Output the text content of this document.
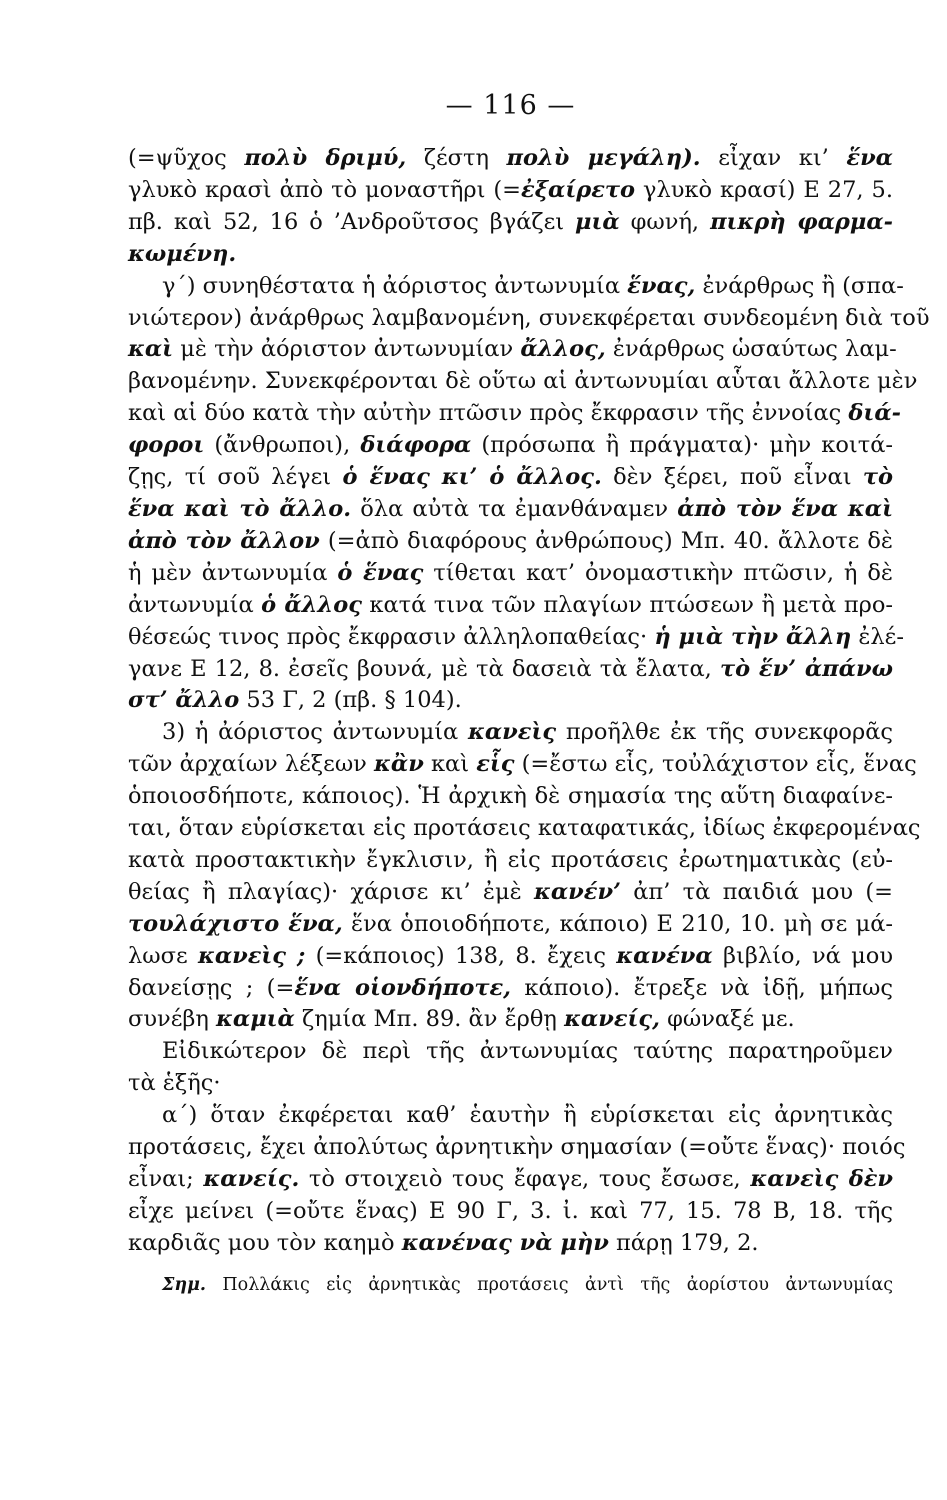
— 116 —
(=ψῦχος πολὺ δριμύ, ζέστη πολὺ μεγάλη). εἶχαν κι’ ἕνα
γλυκὸ κρασὶ ἀπὸ τὸ μοναστῆρι (=ἐξαίρετο γλυκὸ κρασί) Ε 27, 5.
πβ. καὶ 52, 16 ὁ ’Ανδροῦτσος βγάζει μιὰ φωνή, πικρὴ φαρμα-
κωμένη.
γ΄) συνηθέστατα ἡ ἀόριστος ἀντωνυμία ἕνας, ἐνάρθρως ἢ (σπα-
νιώτερον) ἀνάρθρως λαμβανομένη, συνεκφέρεται συνδεομένη διὰ τοῦ
καὶ μὲ τὴν ἀόριστον ἀντωνυμίαν ἄλλος, ἐνάρθρως ὡσαύτως λαμ-
βανομένην. Συνεκφέρονται δὲ οὕτω αἱ ἀντωνυμίαι αὗται ἄλλοτε μὲν
καὶ αἱ δύο κατὰ τὴν αὐτὴν πτῶσιν πρὸς ἔκφρασιν τῆς ἐννοίας διά-
φοροι (ἄνθρωποι), διάφορα (πρόσωπα ἢ πράγματα)· μὴν κοιτά-
ζῃς, τί σοῦ λέγει ὁ ἕνας κι’ ὁ ἄλλος. δὲν ξέρει, ποῦ εἶναι τὸ
ἕνα καὶ τὸ ἄλλο. ὅλα αὐτὰ τα ἐμανθάναμεν ἀπὸ τὸν ἕνα καὶ
ἀπὸ τὸν ἄλλον (=ἀπὸ διαφόρους ἀνθρώπους) Μπ. 40. ἄλλοτε δὲ
ἡ μὲν ἀντωνυμία ὁ ἕνας τίθεται κατ’ ὀνομαστικὴν πτῶσιν, ἡ δὲ
ἀντωνυμία ὁ ἄλλος κατά τινα τῶν πλαγίων πτώσεων ἢ μετὰ προ-
θέσεώς τινος πρὸς ἔκφρασιν ἀλληλοπαθείας· ἡ μιὰ τὴν ἄλλη ἐλέ-
γανε Ε 12, 8. ἐσεῖς βουνά, μὲ τὰ δασειὰ τὰ ἔλατα, τὸ ἕν’ ἀπάνω
στ’ ἄλλο 53 Γ, 2 (πβ. § 104).
3) ἡ ἀόριστος ἀντωνυμία κανεὶς προῆλθε ἐκ τῆς συνεκφορᾶς
τῶν ἀρχαίων λέξεων κἂν καὶ εἷς (=ἔστω εἷς, τοὐλάχιστον εἷς, ἕνας
ὁποιοσδήποτε, κάποιος). Ἡ ἀρχικὴ δὲ σημασία της αὕτη διαφαίνε-
ται, ὅταν εὑρίσκεται εἰς προτάσεις καταφατικάς, ἰδίως ἐκφερομένας
κατὰ προστακτικὴν ἔγκλισιν, ἢ εἰς προτάσεις ἐρωτηματικὰς (εὐ-
θείας ἢ πλαγίας)· χάρισε κι’ ἐμὲ κανέν’ ἀπ’ τὰ παιδιά μου (=
τουλάχιστο ἕνα, ἕνα ὁποιοδήποτε, κάποιο) Ε 210, 10. μὴ σε μά-
λωσε κανεὶς ; (=κάποιος) 138, 8. ἔχεις κανένα βιβλίο, νά μου
δανείσῃς ; (=ἕνα οἱονδήποτε, κάποιο). ἔτρεξε νὰ ἰδῇ, μήπως
συνέβη καμιὰ ζημία Μπ. 89. ἂν ἔρθῃ κανείς, φώναξέ με.
Εἰδικώτερον δὲ περὶ τῆς ἀντωνυμίας ταύτης παρατηροῦμεν
τὰ ἑξῆς·
α΄) ὅταν ἐκφέρεται καθ’ ἑαυτὴν ἢ εὑρίσκεται εἰς ἀρνητικὰς
προτάσεις, ἔχει ἀπολύτως ἀρνητικὴν σημασίαν (=οὔτε ἕνας)· ποιός
εἶναι; κανείς. τὸ στοιχειὸ τους ἔφαγε, τους ἔσωσε, κανεὶς δὲν
εἶχε μείνει (=οὔτε ἕνας) Ε 90 Γ, 3. ἰ. καὶ 77, 15. 78 Β, 18. τῆς
καρδιᾶς μου τὸν καημὸ κανένας νὰ μὴν πάρῃ 179, 2.
Σημ. Πολλάκις εἰς ἀρνητικὰς προτάσεις ἀντὶ τῆς ἀορίστου ἀντωνυμίας
